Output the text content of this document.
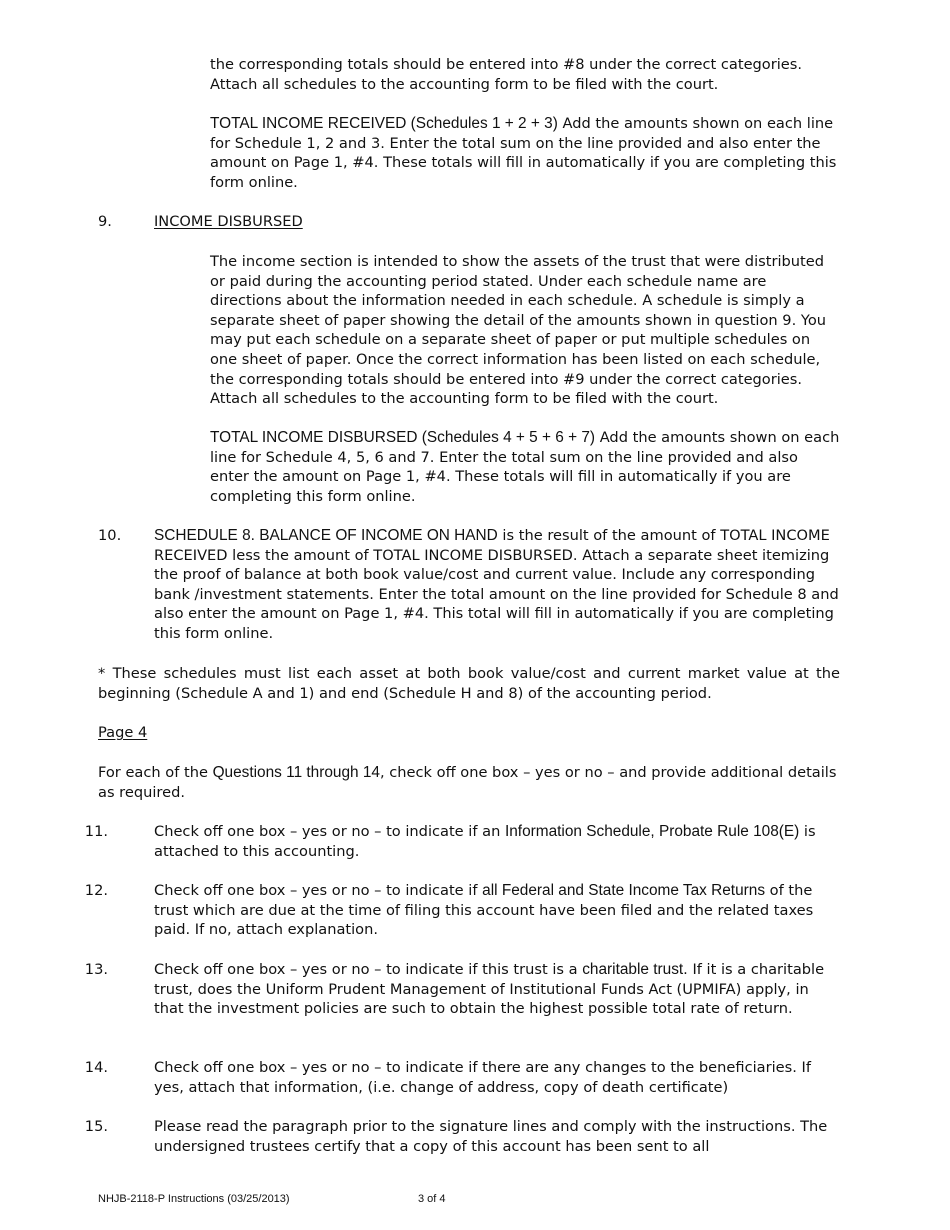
the corresponding totals should be entered into #8 under the correct categories. Attach all schedules to the accounting form to be filed with the court.

TOTAL INCOME RECEIVED (Schedules 1 + 2 + 3) Add the amounts shown on each line for Schedule 1, 2 and 3. Enter the total sum on the line provided and also enter the amount on Page 1, #4. These totals will fill in automatically if you are completing this form online.

9.	INCOME DISBURSED

The income section is intended to show the assets of the trust that were distributed or paid during the accounting period stated. Under each schedule name are directions about the information needed in each schedule. A schedule is simply a separate sheet of paper showing the detail of the amounts shown in question 9. You may put each schedule on a separate sheet of paper or put multiple schedules on one sheet of paper. Once the correct information has been listed on each schedule, the corresponding totals should be entered into #9 under the correct categories. Attach all schedules to the accounting form to be filed with the court.

TOTAL INCOME DISBURSED (Schedules 4 + 5 + 6 + 7) Add the amounts shown on each line for Schedule 4, 5, 6 and 7. Enter the total sum on the line provided and also enter the amount on Page 1, #4. These totals will fill in automatically if you are completing this form online.

10.	SCHEDULE 8. BALANCE OF INCOME ON HAND is the result of the amount of TOTAL INCOME RECEIVED less the amount of TOTAL INCOME DISBURSED. Attach a separate sheet itemizing the proof of balance at both book value/cost and current value. Include any corresponding bank /investment statements. Enter the total amount on the line provided for Schedule 8 and also enter the amount on Page 1, #4. This total will fill in automatically if you are completing this form online.

* These schedules must list each asset at both book value/cost and current market value at the beginning (Schedule A and 1) and end (Schedule H and 8) of the accounting period.

Page 4

For each of the Questions 11 through 14, check off one box – yes or no – and provide additional details as required.

11.	Check off one box – yes or no – to indicate if an Information Schedule, Probate Rule 108(E) is attached to this accounting.

12.	Check off one box – yes or no – to indicate if all Federal and State Income Tax Returns of the trust which are due at the time of filing this account have been filed and the related taxes paid. If no, attach explanation.

13.	Check off one box – yes or no – to indicate if this trust is a charitable trust. If it is a charitable trust, does the Uniform Prudent Management of Institutional Funds Act (UPMIFA) apply, in that the investment policies are such to obtain the highest possible total rate of return.

14.	Check off one box – yes or no – to indicate if there are any changes to the beneficiaries. If yes, attach that information, (i.e. change of address, copy of death certificate)

15.	Please read the paragraph prior to the signature lines and comply with the instructions. The undersigned trustees certify that a copy of this account has been sent to all

NHJB-2118-P Instructions (03/25/2013)	3 of 4
